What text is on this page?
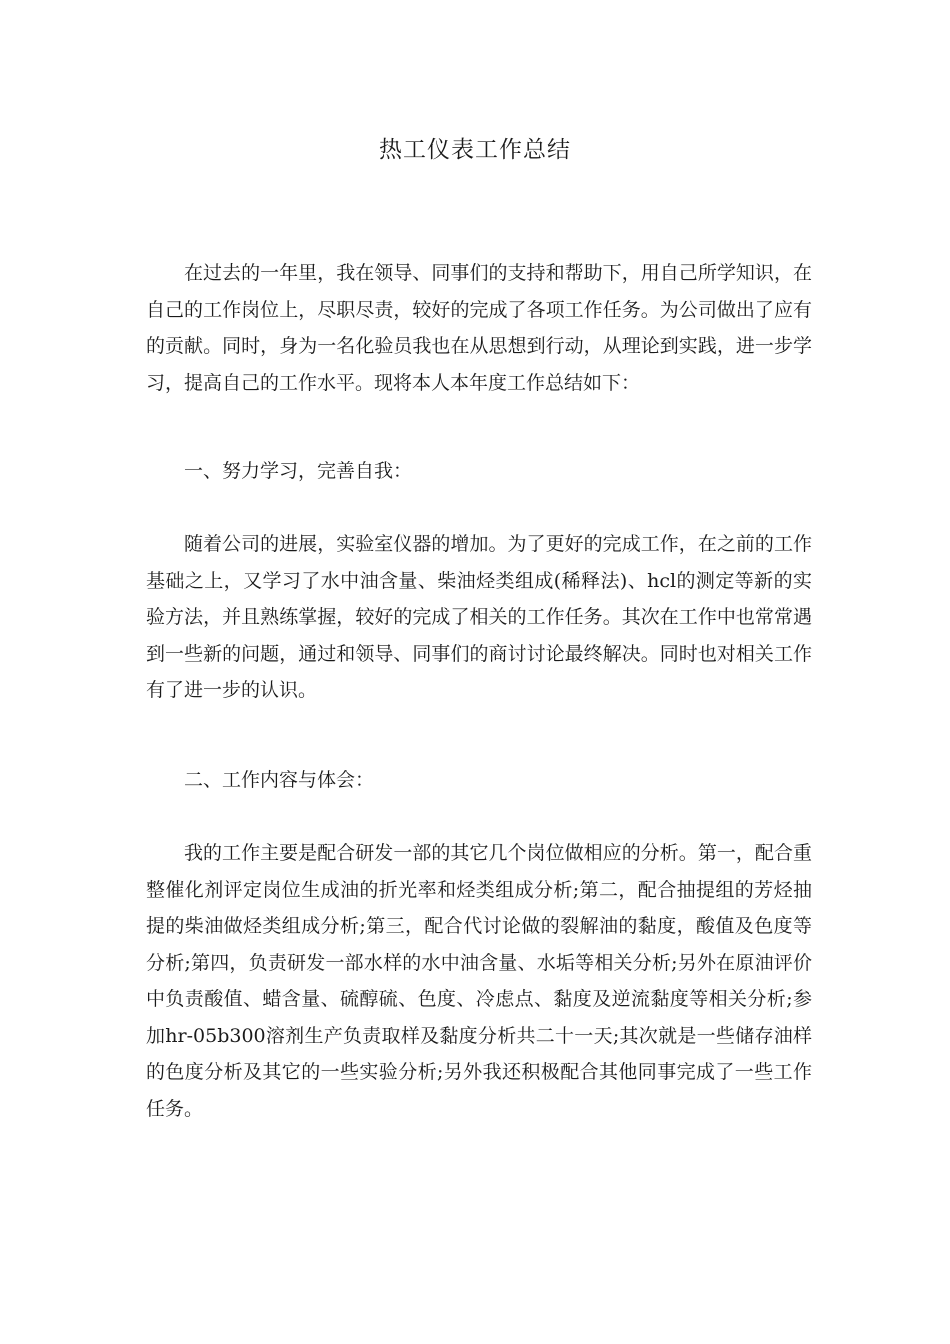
热工仪表工作总结

在过去的一年里，我在领导、同事们的支持和帮助下，用自己所学知识，在自己的工作岗位上，尽职尽责，较好的完成了各项工作任务。为公司做出了应有的贡献。同时，身为一名化验员我也在从思想到行动，从理论到实践，进一步学习，提高自己的工作水平。现将本人本年度工作总结如下：

一、努力学习，完善自我：

随着公司的进展，实验室仪器的增加。为了更好的完成工作，在之前的工作基础之上，又学习了水中油含量、柴油烃类组成(稀释法)、hcl的测定等新的实验方法，并且熟练掌握，较好的完成了相关的工作任务。其次在工作中也常常遇到一些新的问题，通过和领导、同事们的商讨讨论最终解决。同时也对相关工作有了进一步的认识。

二、工作内容与体会：

我的工作主要是配合研发一部的其它几个岗位做相应的分析。第一，配合重整催化剂评定岗位生成油的折光率和烃类组成分析;第二，配合抽提组的芳烃抽提的柴油做烃类组成分析;第三，配合代讨论做的裂解油的黏度，酸值及色度等分析;第四，负责研发一部水样的水中油含量、水垢等相关分析;另外在原油评价中负责酸值、蜡含量、硫醇硫、色度、冷虑点、黏度及逆流黏度等相关分析;参加hr-05b300溶剂生产负责取样及黏度分析共二十一天;其次就是一些储存油样的色度分析及其它的一些实验分析;另外我还积极配合其他同事完成了一些工作任务。
